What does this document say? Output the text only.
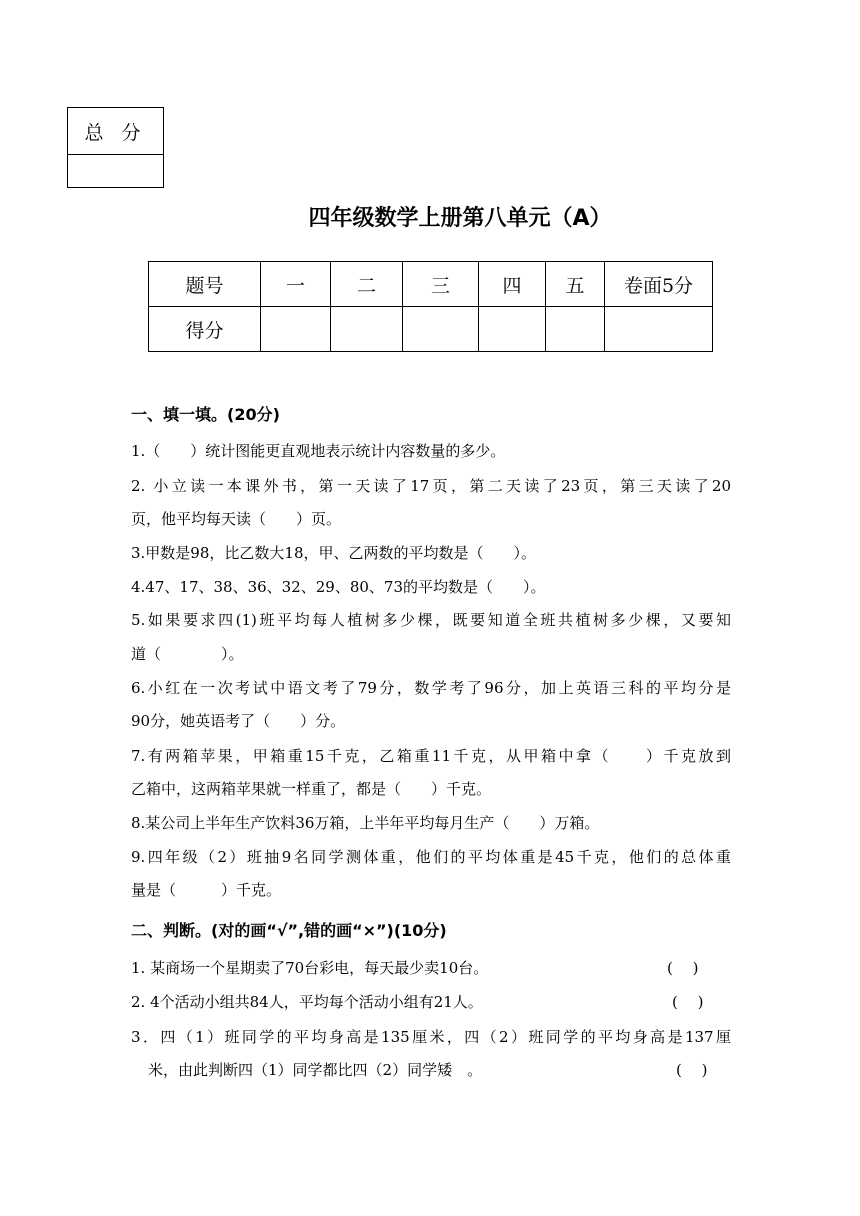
总 分
四年级数学上册第八单元（A）
题号	一	二	三	四	五	卷面5分
得分						
一、填一填。(20分)
1.（　　）统计图能更直观地表示统计内容数量的多少。
2. 小立读一本课外书，第一天读了17页，第二天读了23页，第三天读了20
页，他平均每天读（　　）页。
3.甲数是98，比乙数大18，甲、乙两数的平均数是（　　）。
4.47、17、38、36、32、29、80、73的平均数是（　　）。
5.如果要求四(1)班平均每人植树多少棵，既要知道全班共植树多少棵，又要知
道（　　　　）。
6.小红在一次考试中语文考了79分，数学考了96分，加上英语三科的平均分是
90分，她英语考了（　　）分。
7.有两箱苹果，甲箱重15千克，乙箱重11千克，从甲箱中拿（　　）千克放到
乙箱中，这两箱苹果就一样重了，都是（　　）千克。
8.某公司上半年生产饮料36万箱，上半年平均每月生产（　　）万箱。
9.四年级（2）班抽9名同学测体重，他们的平均体重是45千克，他们的总体重
量是（　　　）千克。
二、判断。(对的画“√”,错的画“×”)(10分)
1. 某商场一个星期卖了70台彩电，每天最少卖10台。	(　 )
2. 4个活动小组共84人，平均每个活动小组有21人。	(　 )
3．四（1）班同学的平均身高是135厘米，四（2）班同学的平均身高是137厘
米，由此判断四（1）同学都比四（2）同学矮　。	(　 )
